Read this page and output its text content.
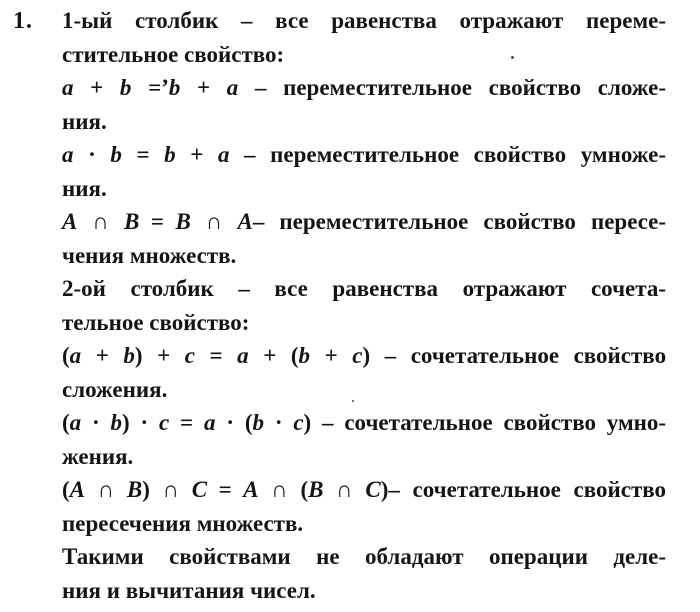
1. 1-ый столбик – все равенства отражают переме-
стительное свойство:
a + b =’b + a – переместительное свойство сложе-
ния.
a · b = b + a – переместительное свойство умноже-
ния.
A ∩ B  =  B ∩ A– переместительное свойство пересе-
чения множеств.
2-ой столбик – все равенства отражают сочета-
тельное свойство:
(a + b) + c = a + (b + c) – сочетательное свойство
сложения.
(a · b) · c = a · (b · c) – сочетательное свойство умно-
жения.
(A ∩ B) ∩ C  =  A ∩ (B ∩ C)– сочетательное свойство
пересечения множеств.
Такими свойствами не обладают операции деле-
ния и вычитания чисел.
